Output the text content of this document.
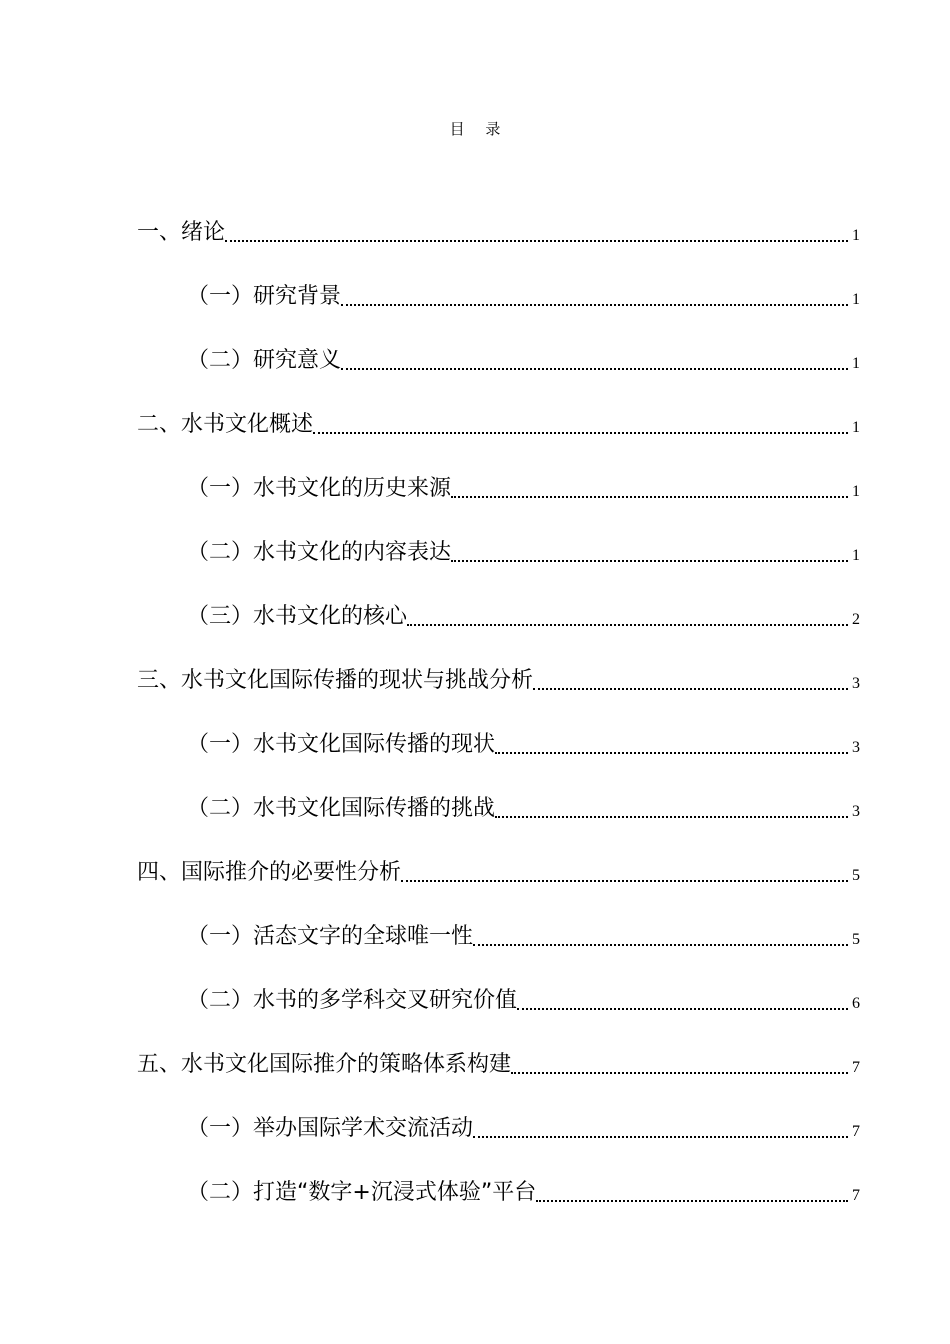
目 录
一、绪论	1
（一）研究背景	1
（二）研究意义	1
二、水书文化概述	1
（一）水书文化的历史来源	1
（二）水书文化的内容表达	1
（三）水书文化的核心	2
三、水书文化国际传播的现状与挑战分析	3
（一）水书文化国际传播的现状	3
（二）水书文化国际传播的挑战	3
四、国际推介的必要性分析	5
（一）活态文字的全球唯一性	5
（二）水书的多学科交叉研究价值	6
五、水书文化国际推介的策略体系构建	7
（一）举办国际学术交流活动	7
（二）打造“数字+沉浸式体验”平台	7
